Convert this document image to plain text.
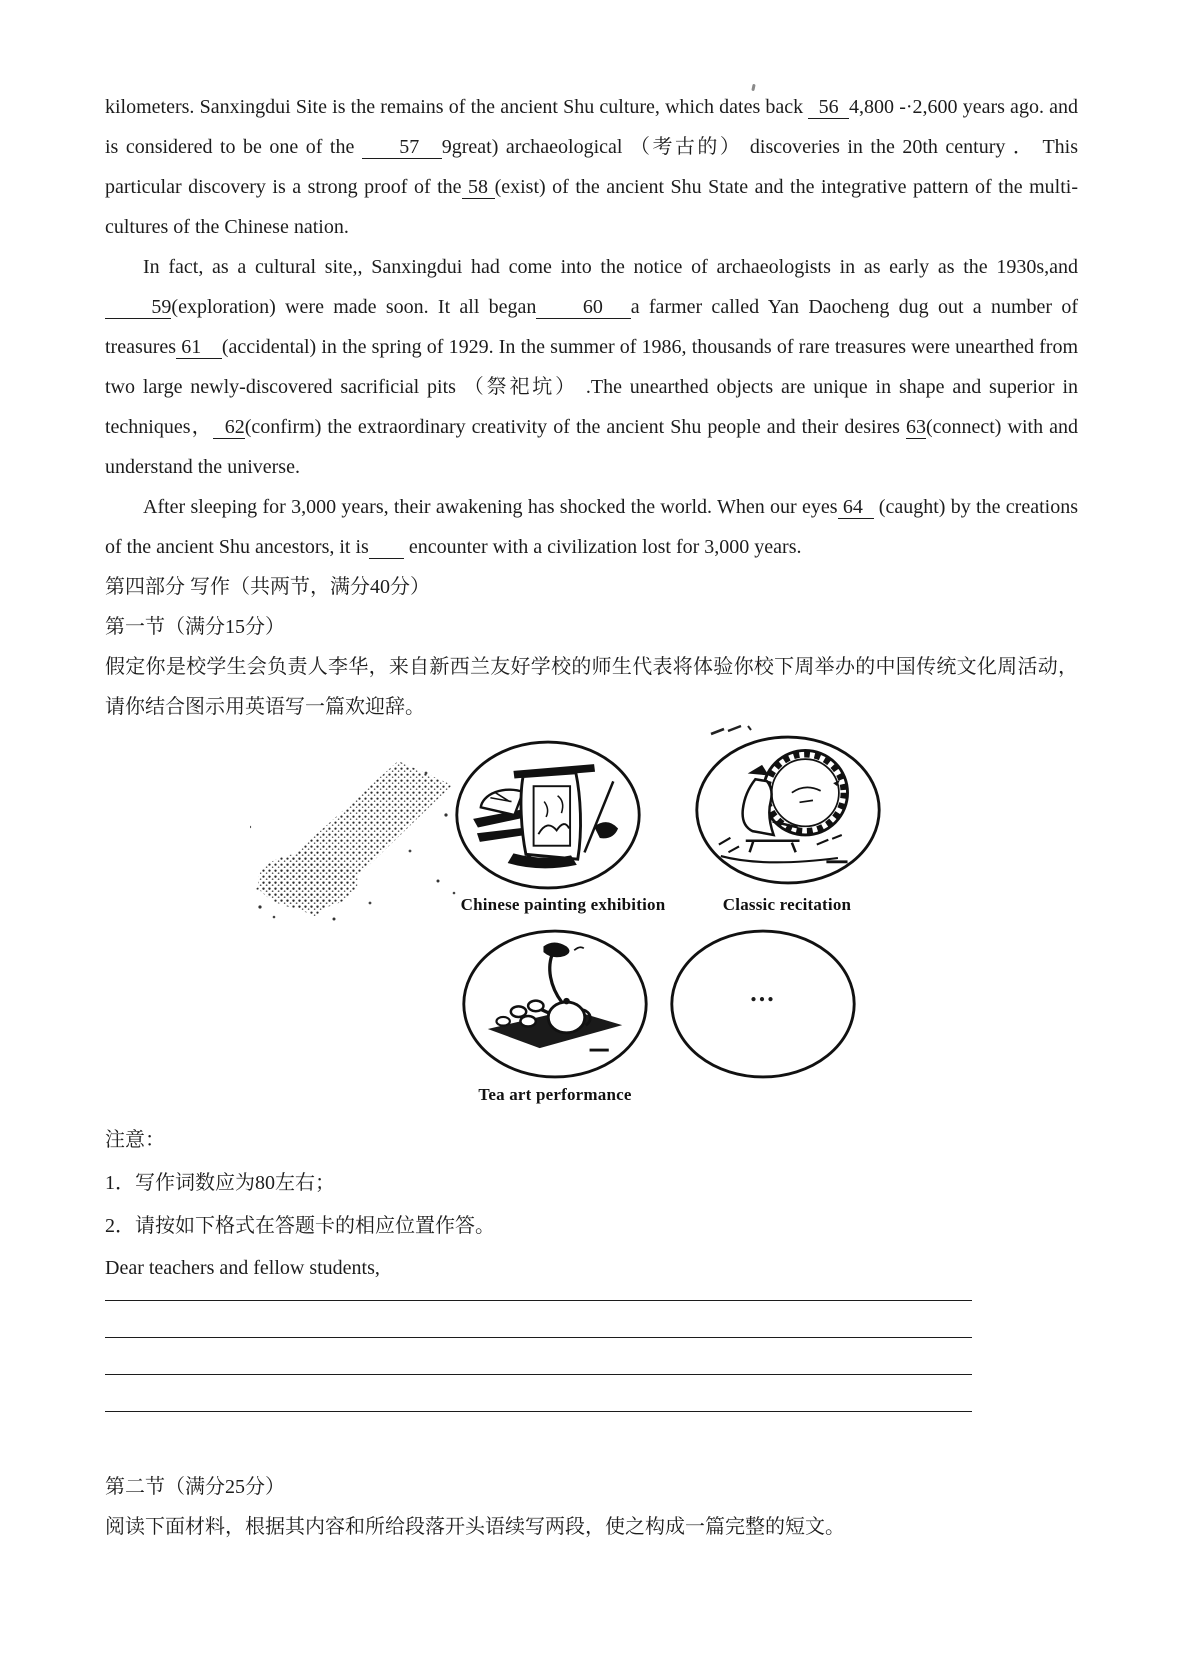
kilometers. Sanxingdui Site is the remains of the ancient Shu culture, which dates back   56  4,800 -·2,600 years ago. and is considered to be one of the      57   9great) archaeological （考古的） discoveries in the 20th century ． This particular discovery is a strong proof of the 58 (exist) of the ancient Shu State and the integrative pattern of the multi-cultures of the Chinese nation.

In fact, as a cultural site,, Sanxingdui had come into the notice of archaeologists in as early as the 1930s,and      59(exploration) were made soon. It all began     60   a farmer called Yan Daocheng dug out a number of treasures 61    (accidental) in the spring of 1929. In the summer of 1986, thousands of rare treasures were unearthed from two large newly-discovered sacrificial pits （祭祀坑） .The unearthed objects are unique in shape and superior in techniques，  62(confirm) the extraordinary creativity of the ancient Shu people and their desires 63(connect) with and understand the universe.

After sleeping for 3,000 years, their awakening has shocked the world. When our eyes 64   (caught) by the creations of the ancient Shu ancestors, it is        encounter with a civilization lost for 3,000 years.

第四部分 写作（共两节，满分40分）

第一节（满分15分）

假定你是校学生会负责人李华，来自新西兰友好学校的师生代表将体验你校下周举办的中国传统文化周活动，请你结合图示用英语写一篇欢迎辞。

Chinese painting exhibition	Classic recitation
...
Tea art performance

注意：

1．写作词数应为80左右；

2．请按如下格式在答题卡的相应位置作答。

Dear teachers and fellow students,

第二节（满分25分）

阅读下面材料，根据其内容和所给段落开头语续写两段，使之构成一篇完整的短文。
